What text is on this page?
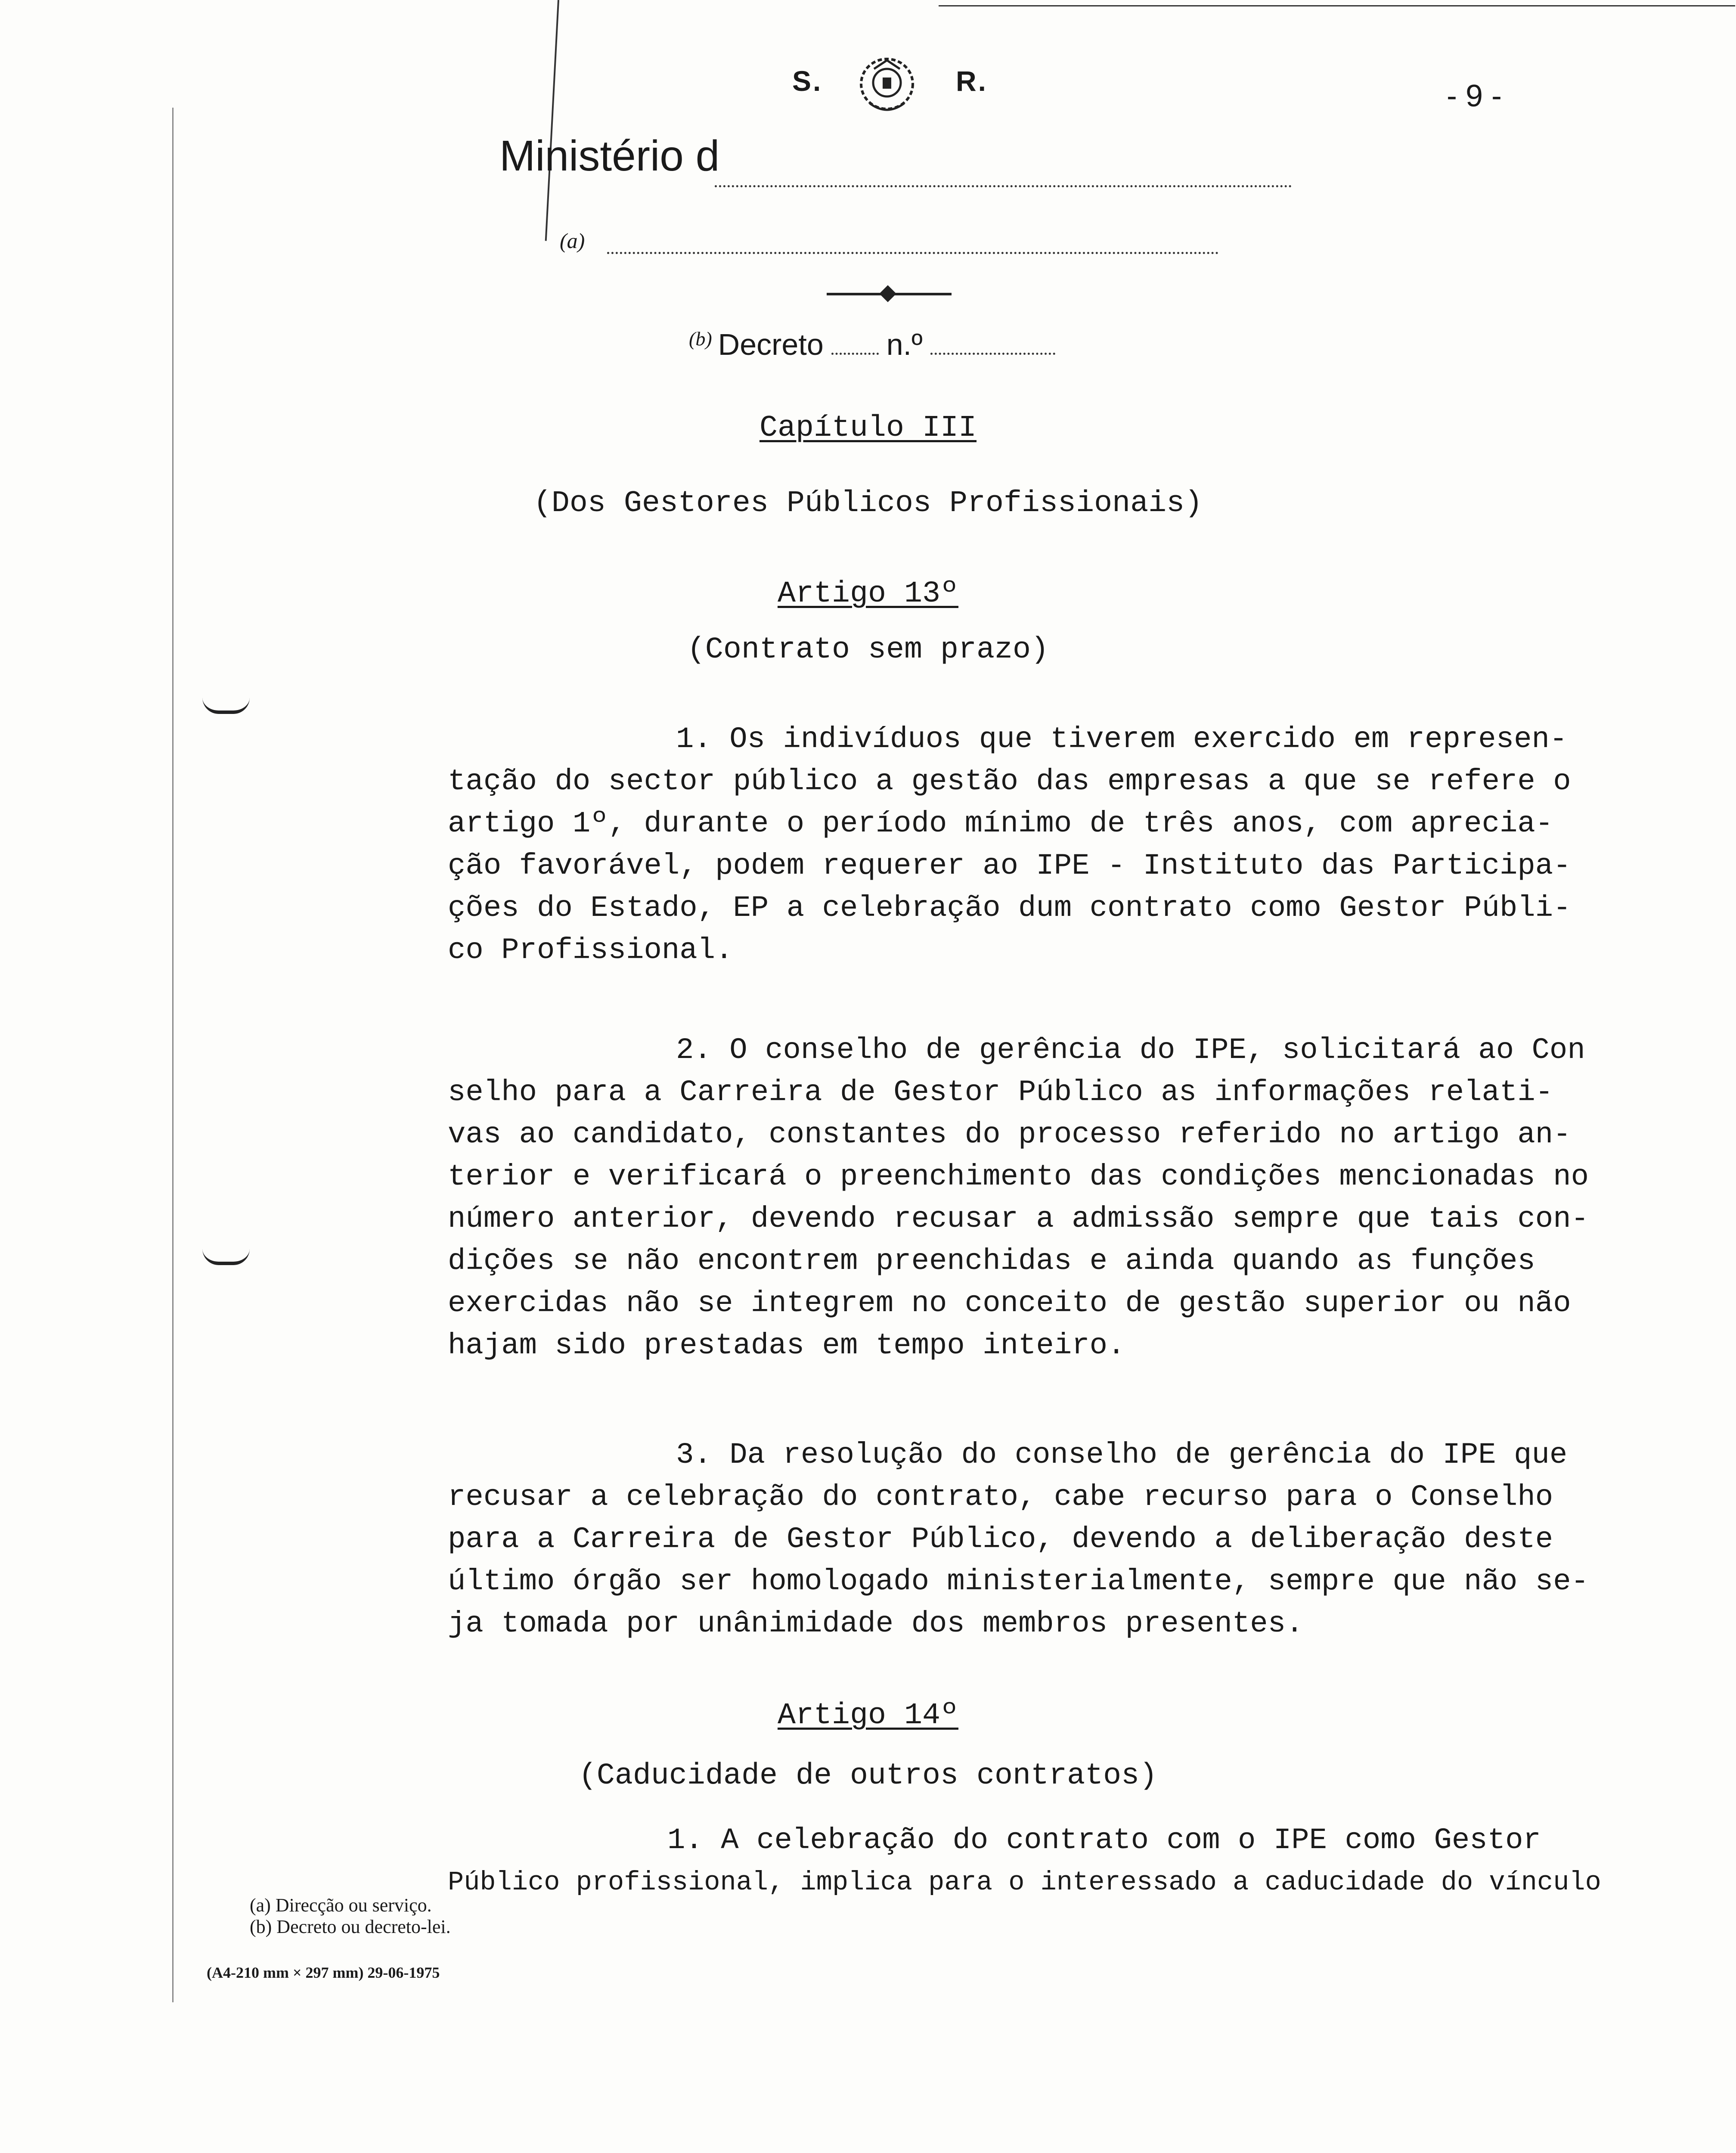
S.	R.	- 9 -
Ministério d
(a)
$^{(b)}$ Decreto n.º
Capítulo III
(Dos Gestores Públicos Profissionais)
Artigo 13º
(Contrato sem prazo)
1. Os indivíduos que tiverem exercido em represen-
tação do sector público a gestão das empresas a que se refere o
artigo 1º, durante o período mínimo de três anos, com aprecia-
ção favorável, podem requerer ao IPE - Instituto das Participa-
ções do Estado, EP a celebração dum contrato como Gestor Públi-
co Profissional.
2. O conselho de gerência do IPE, solicitará ao Con
selho para a Carreira de Gestor Público as informações relati-
vas ao candidato, constantes do processo referido no artigo an-
terior e verificará o preenchimento das condições mencionadas no
número anterior, devendo recusar a admissão sempre que tais con-
dições se não encontrem preenchidas e ainda quando as funções
exercidas não se integrem no conceito de gestão superior ou não
hajam sido prestadas em tempo inteiro.
3. Da resolução do conselho de gerência do IPE que
recusar a celebração do contrato, cabe recurso para o Conselho
para a Carreira de Gestor Público, devendo a deliberação deste
último órgão ser homologado ministerialmente, sempre que não se-
ja tomada por unânimidade dos membros presentes.
Artigo 14º
(Caducidade de outros contratos)
1. A celebração do contrato com o IPE como Gestor
Público profissional, implica para o interessado a caducidade do vínculo
(a) Direcção ou serviço.
(b) Decreto ou decreto-lei.
(A4-210 mm × 297 mm) 29-06-1975
